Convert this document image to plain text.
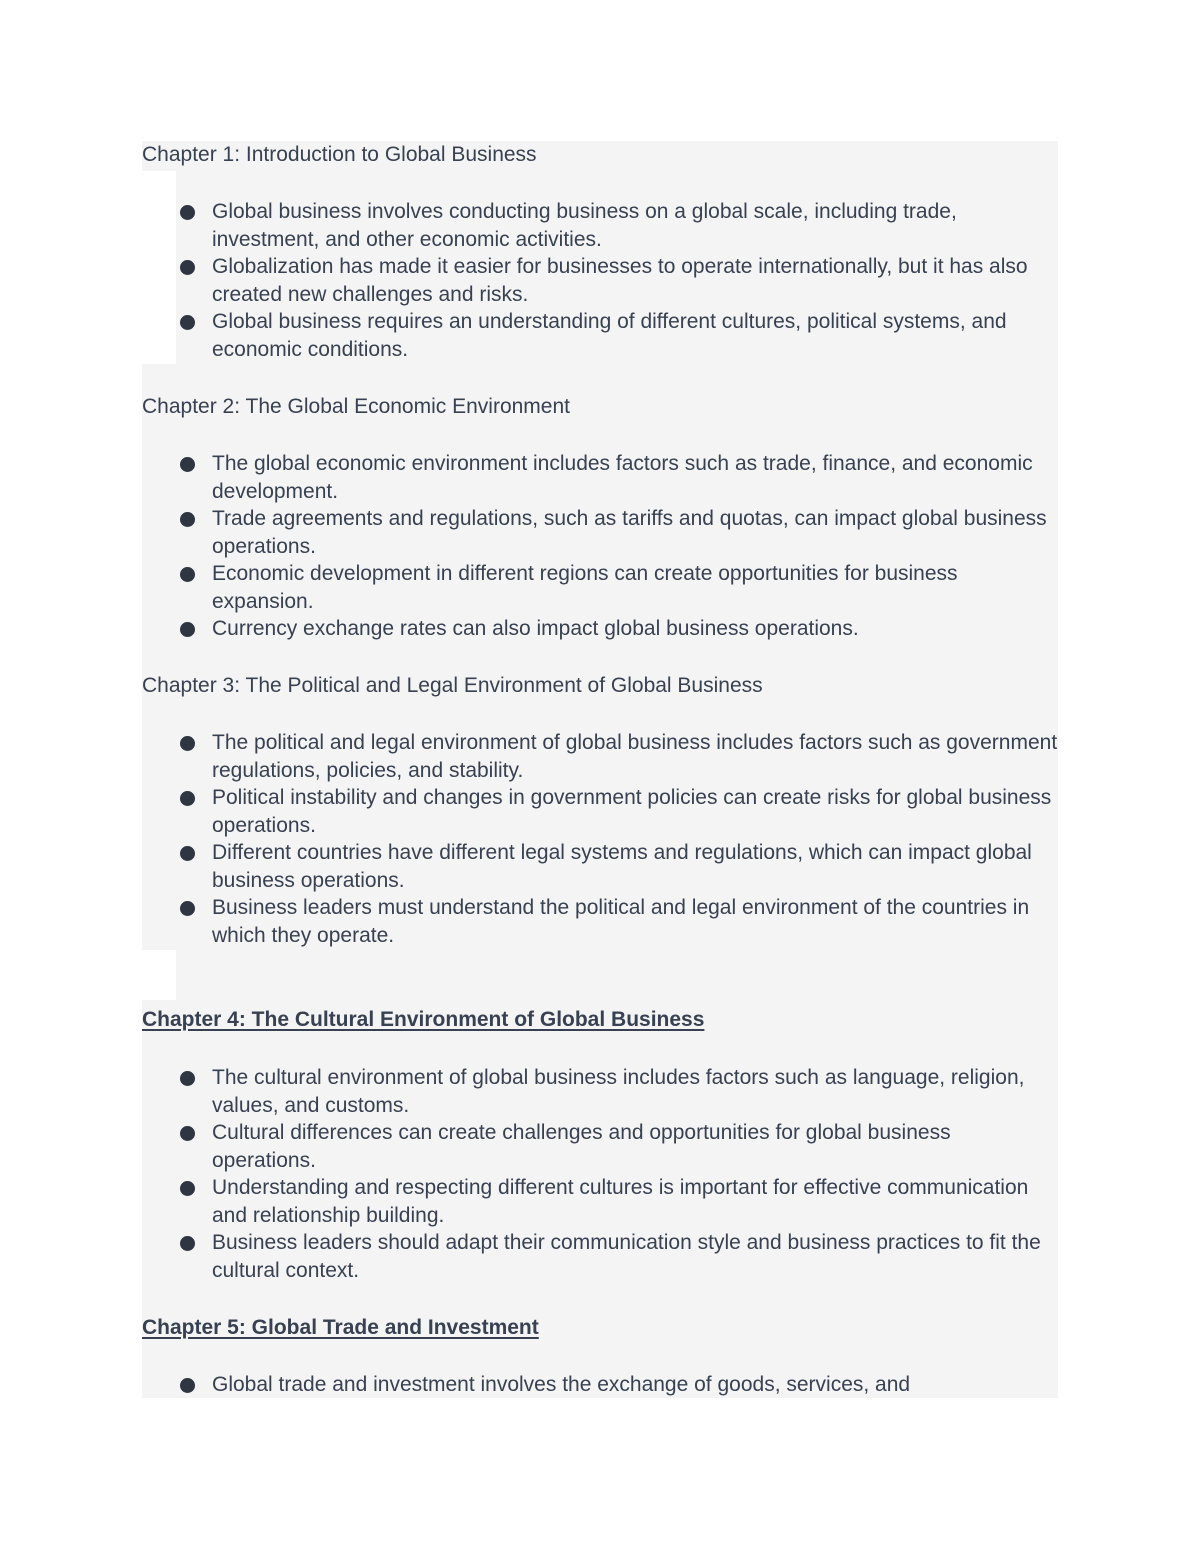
Chapter 1: Introduction to Global Business
Global business involves conducting business on a global scale, including trade, investment, and other economic activities.
Globalization has made it easier for businesses to operate internationally, but it has also created new challenges and risks.
Global business requires an understanding of different cultures, political systems, and economic conditions.
Chapter 2: The Global Economic Environment
The global economic environment includes factors such as trade, finance, and economic development.
Trade agreements and regulations, such as tariffs and quotas, can impact global business operations.
Economic development in different regions can create opportunities for business expansion.
Currency exchange rates can also impact global business operations.
Chapter 3: The Political and Legal Environment of Global Business
The political and legal environment of global business includes factors such as government regulations, policies, and stability.
Political instability and changes in government policies can create risks for global business operations.
Different countries have different legal systems and regulations, which can impact global business operations.
Business leaders must understand the political and legal environment of the countries in which they operate.
Chapter 4: The Cultural Environment of Global Business
The cultural environment of global business includes factors such as language, religion, values, and customs.
Cultural differences can create challenges and opportunities for global business operations.
Understanding and respecting different cultures is important for effective communication and relationship building.
Business leaders should adapt their communication style and business practices to fit the cultural context.
Chapter 5: Global Trade and Investment
Global trade and investment involves the exchange of goods, services, and
